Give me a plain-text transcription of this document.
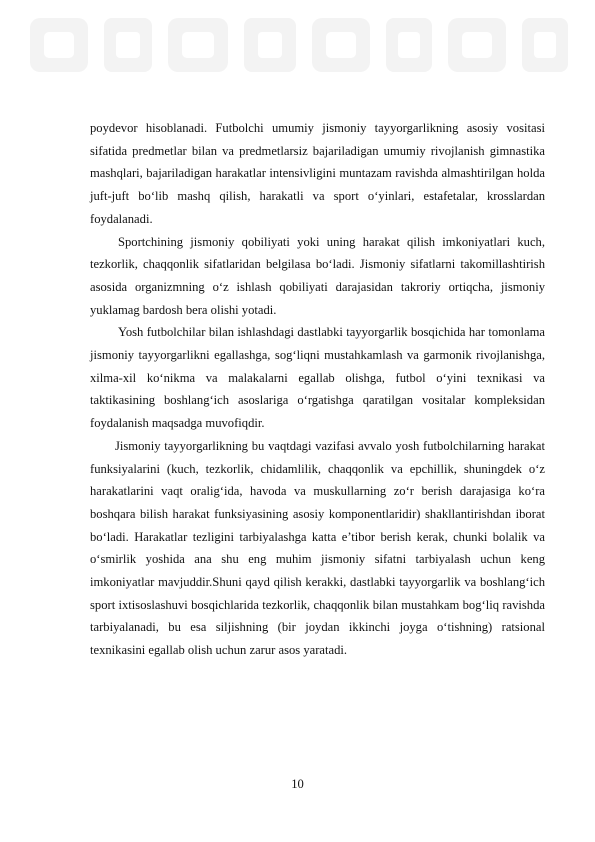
poydevor hisoblanadi. Futbolchi umumiy jismoniy tayyorgarlikning asosiy vositasi sifatida predmetlar bilan va predmetlarsiz bajariladigan umumiy rivojlanish gimnastika mashqlari, bajariladigan harakatlar intensivligini muntazam ravishda almashtirilgan holda juft-juft bo‘lib mashq qilish, harakatli va sport o‘yinlari, estafetalar, krosslardan foydalanadi.

Sportchining jismoniy qobiliyati yoki uning harakat qilish imkoniyatlari kuch, tezkorlik, chaqqonlik sifatlaridan belgilasa bo‘ladi. Jismoniy sifatlarni takomillashtirish asosida organizmning o‘z ishlash qobiliyati darajasidan takroriy ortiqcha, jismoniy yuklamag bardosh bera olishi yotadi.

Yosh futbolchilar bilan ishlashdagi dastlabki tayyorgarlik bosqichida har tomonlama jismoniy tayyorgarlikni egallashga, sog‘liqni mustahkamlash va garmonik rivojlanishga, xilma-xil ko‘nikma va malakalarni egallab olishga, futbol o‘yini texnikasi va taktikasining boshlang‘ich asoslariga o‘rgatishga qaratilgan vositalar kompleksidan foydalanish maqsadga muvofiqdir.

Jismoniy tayyorgarlikning bu vaqtdagi vazifasi avvalo yosh futbolchilarning harakat funksiyalarini (kuch, tezkorlik, chidamlilik, chaqqonlik va epchillik, shuningdek o‘z harakatlarini vaqt oralig‘ida, havoda va muskullarning zo‘r berish darajasiga ko‘ra boshqara bilish harakat funksiyasining asosiy komponentlaridir) shakllantirishdan iborat bo‘ladi. Harakatlar tezligini tarbiyalashga katta e’tibor berish kerak, chunki bolalik va o‘smirlik yoshida ana shu eng muhim jismoniy sifatni tarbiyalash uchun keng imkoniyatlar mavjuddir.Shuni qayd qilish kerakki, dastlabki tayyorgarlik va boshlang‘ich sport ixtisoslashuvi bosqichlarida tezkorlik, chaqqonlik bilan mustahkam bog‘liq ravishda tarbiyalanadi, bu esa siljishning (bir joydan ikkinchi joyga o‘tishning) ratsional texnikasini egallab olish uchun zarur asos yaratadi.

10
